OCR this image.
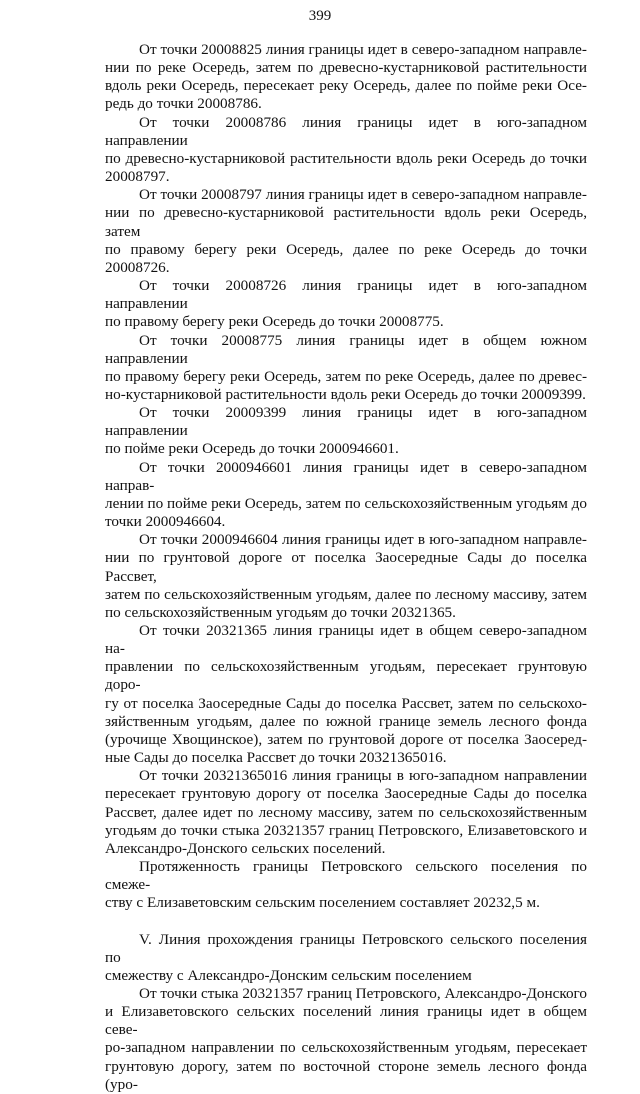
399

От точки 20008825 линия границы идет в северо-западном направле-
нии по реке Осередь, затем по древесно-кустарниковой растительности
вдоль реки Осередь, пересекает реку Осередь, далее по пойме реки Осе-
редь до точки 20008786.

От точки 20008786 линия границы идет в юго-западном направлении
по древесно-кустарниковой растительности вдоль реки Осередь до точки
20008797.

От точки 20008797 линия границы идет в северо-западном направле-
нии по древесно-кустарниковой растительности вдоль реки Осередь, затем
по правому берегу реки Осередь, далее по реке Осередь до точки
20008726.

От точки 20008726 линия границы идет в юго-западном направлении
по правому берегу реки Осередь до точки 20008775.

От точки 20008775 линия границы идет в общем южном направлении
по правому берегу реки Осередь, затем по реке Осередь, далее по древес-
но-кустарниковой растительности вдоль реки Осередь до точки 20009399.

От точки 20009399 линия границы идет в юго-западном направлении
по пойме реки Осередь до точки 2000946601.

От точки 2000946601 линия границы идет в северо-западном направ-
лении по пойме реки Осередь, затем по сельскохозяйственным угодьям до
точки 2000946604.

От точки 2000946604 линия границы идет в юго-западном направле-
нии по грунтовой дороге от поселка Заосередные Сады до поселка Рассвет,
затем по сельскохозяйственным угодьям, далее по лесному массиву, затем
по сельскохозяйственным угодьям до точки 20321365.

От точки 20321365 линия границы идет в общем северо-западном на-
правлении по сельскохозяйственным угодьям, пересекает грунтовую доро-
гу от поселка Заосередные Сады до поселка Рассвет, затем по сельскохо-
зяйственным угодьям, далее по южной границе земель лесного фонда
(урочище Хвощинское), затем по грунтовой дороге от поселка Заосеред-
ные Сады до поселка Рассвет до точки 20321365016.

От точки 20321365016 линия границы в юго-западном направлении
пересекает грунтовую дорогу от поселка Заосередные Сады до поселка
Рассвет, далее идет по лесному массиву, затем по сельскохозяйственным
угодьям до точки стыка 20321357 границ Петровского, Елизаветовского и
Александро-Донского сельских поселений.

Протяженность границы Петровского сельского поселения по смеже-
ству с Елизаветовским сельским поселением составляет 20232,5 м.

V. Линия прохождения границы Петровского сельского поселения по
смежеству с Александро-Донским сельским поселением

От точки стыка 20321357 границ Петровского, Александро-Донского
и Елизаветовского сельских поселений линия границы идет в общем севе-
ро-западном направлении по сельскохозяйственным угодьям, пересекает
грунтовую дорогу, затем по восточной стороне земель лесного фонда (уро-
